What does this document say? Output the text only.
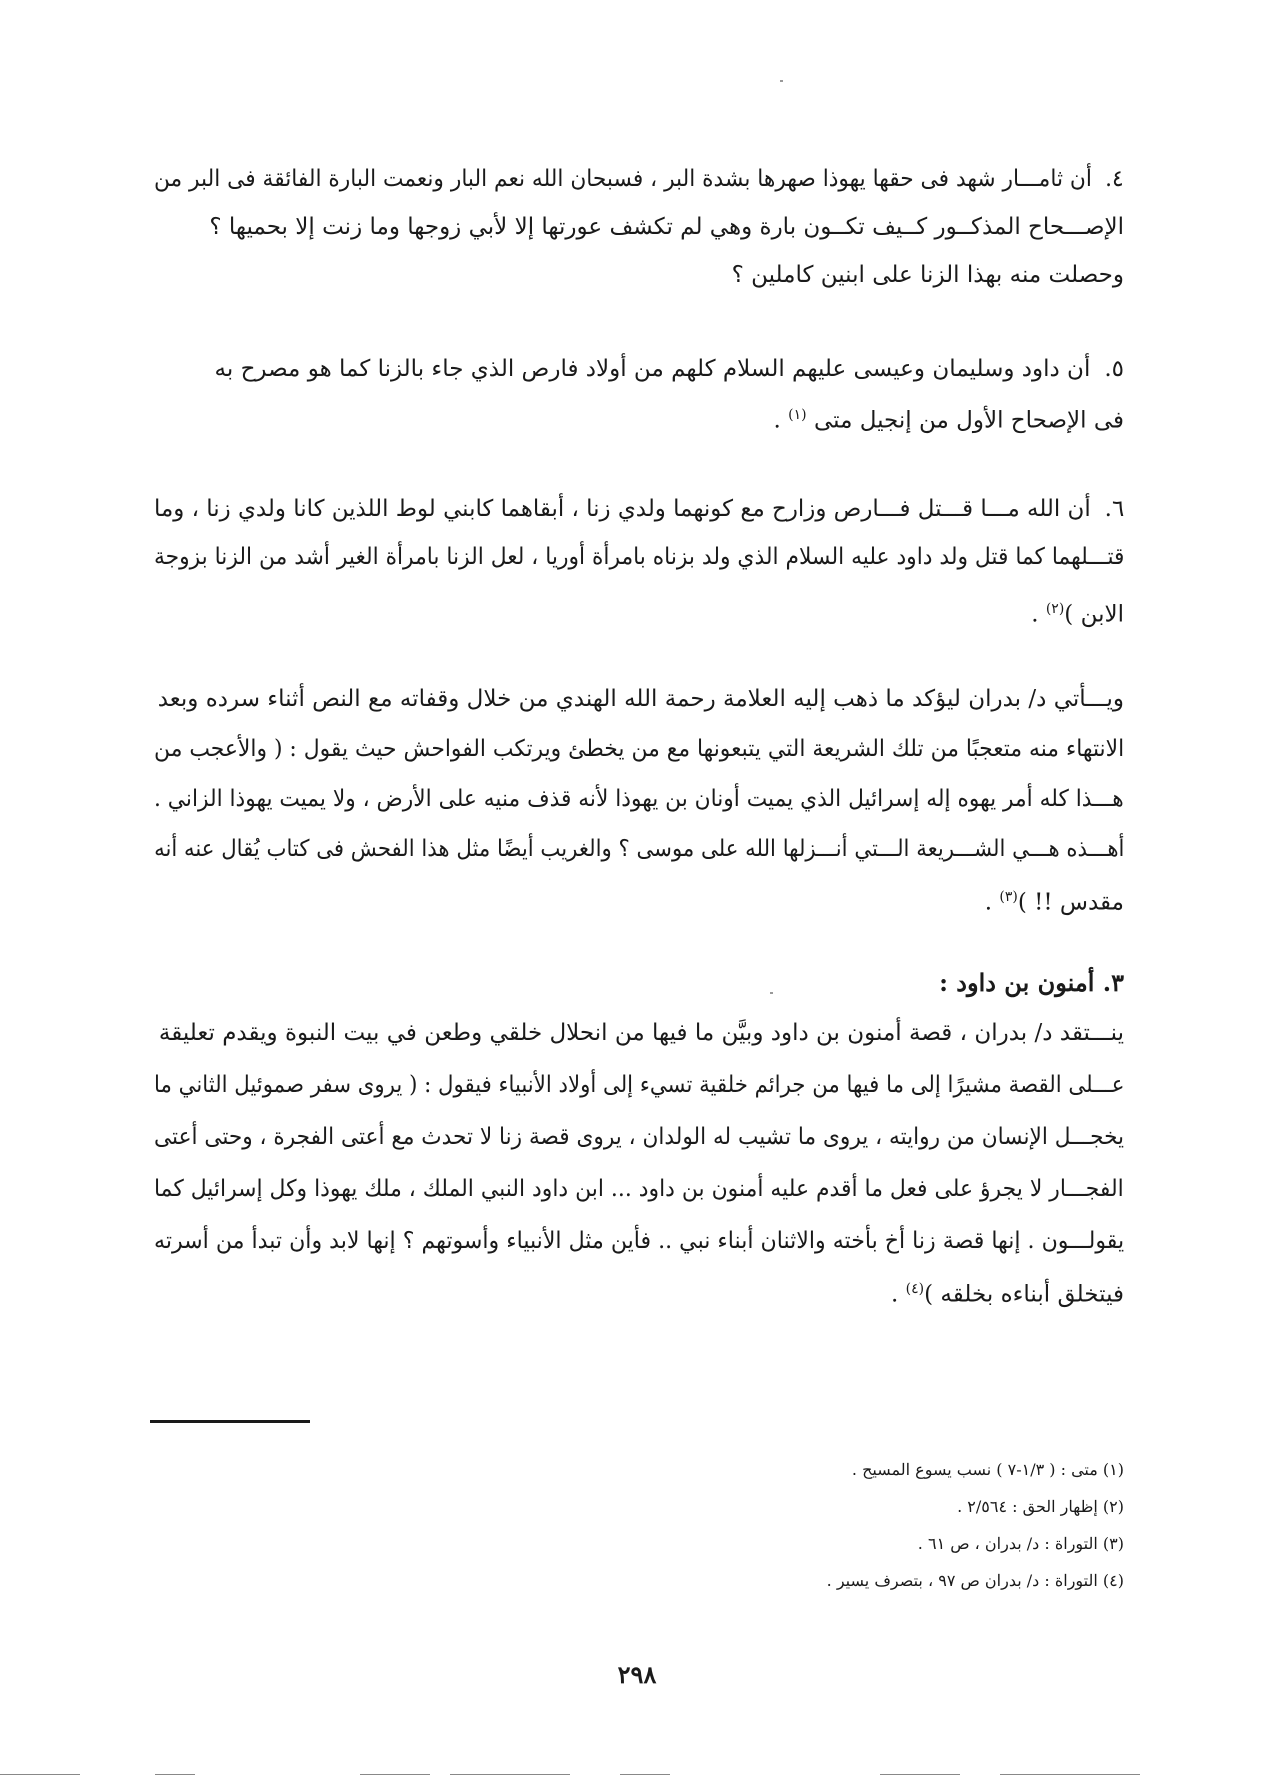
٤.أن ثامـــار شهد فى حقها يهوذا صهرها بشدة البر ، فسبحان الله نعم البار ونعمت البارة الفائقة فى البر من
الإصـــحاح المذكــور كــيف تكــون بارة وهي لم تكشف عورتها إلا لأبي زوجها وما زنت إلا بحميها ؟
وحصلت منه بهذا الزنا على ابنين كاملين ؟
٥.أن داود وسليمان وعيسى عليهم السلام كلهم من أولاد فارص الذي جاء بالزنا كما هو مصرح به
فى الإصحاح الأول من إنجيل متى $^{(١)}$ .
٦.أن الله مـــا قـــتل فـــارص وزارح مع كونهما ولدي زنا ، أبقاهما كابني لوط اللذين كانا ولدي زنا ، وما
قتـــلهما كما قتل ولد داود عليه السلام الذي ولد بزناه بامرأة أوريا ، لعل الزنا بامرأة الغير أشد من الزنا بزوجة
الابن )$^{(٢)}$ .
ويـــأتي د/ بدران ليؤكد ما ذهب إليه العلامة رحمة الله الهندي من خلال وقفاته مع النص أثناء سرده وبعد
الانتهاء منه متعجبًا من تلك الشريعة التي يتبعونها مع من يخطئ ويرتكب الفواحش حيث يقول : ( والأعجب من
هـــذا كله أمر يهوه إله إسرائيل الذي يميت أونان بن يهوذا لأنه قذف منيه على الأرض ، ولا يميت يهوذا الزاني .
أهـــذه هـــي الشـــريعة الـــتي أنـــزلها الله على موسى ؟ والغريب أيضًا مثل هذا الفحش فى كتاب يُقال عنه أنه
مقدس !! )$^{(٣)}$ .
٣. أمنون بن داود :
ينـــتقد د/ بدران ، قصة أمنون بن داود وبيَّن ما فيها من انحلال خلقي وطعن في بيت النبوة ويقدم تعليقة
عـــلى القصة مشيرًا إلى ما فيها من جرائم خلقية تسيء إلى أولاد الأنبياء فيقول : ( يروى سفر صموئيل الثاني ما
يخجـــل الإنسان من روايته ، يروى ما تشيب له الولدان ، يروى قصة زنا لا تحدث مع أعتى الفجرة ، وحتى أعتى
الفجـــار لا يجرؤ على فعل ما أقدم عليه أمنون بن داود ... ابن داود النبي الملك ، ملك يهوذا وكل إسرائيل كما
يقولـــون . إنها قصة زنا أخ بأخته والاثنان أبناء نبي .. فأين مثل الأنبياء وأسوتهم ؟ إنها لابد وأن تبدأ من أسرته
فيتخلق أبناءه بخلقه )$^{(٤)}$ .
(١) متى : ( ١/٣-٧ ) نسب يسوع المسيح .
(٢) إظهار الحق : ٢/٥٦٤ .
(٣) التوراة : د/ بدران ، ص ٦١ .
(٤) التوراة : د/ بدران ص ٩٧ ، بتصرف يسير .
٢٩٨
